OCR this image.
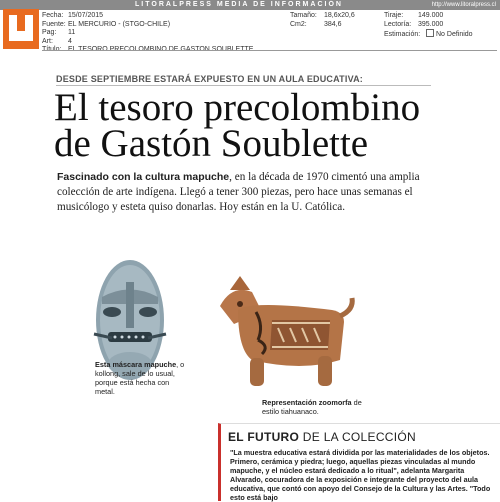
LITORALPRESS MEDIA DE INFORMACIÓN	http://www.litoralpress.cl
Fecha: 15/07/2015
Fuente: EL MERCURIO - (STGO-CHILE)
Pag: 11
Art: 4
Tamaño: 18,6x20,6
Cm2: 384,6
Tiraje: 149.000
Lectoría: 395.000
Estimación: No Definido
DESDE SEPTIEMBRE ESTARÁ EXPUESTO EN UN AULA EDUCATIVA:
El tesoro precolombino
de Gastón Soublette
Fascinado con la cultura mapuche, en la década de 1970 cimentó una amplia colección de arte indígena. Llegó a tener 300 piezas, pero hace unas semanas el musicólogo y esteta quiso donarlas. Hoy están en la U. Católica.
Esta máscara mapuche, o kollong, sale de lo usual, porque está hecha con metal.
Representación zoomorfa de estilo tiahuanaco.
EL FUTURO DE LA COLECCIÓN
"La muestra educativa estará dividida por las materialidades de los objetos. Primero, cerámica y piedra; luego, aquellas piezas vinculadas al mundo mapuche, y el núcleo estará dedicado a lo ritual", adelanta Margarita Alvarado, cocuradora de la exposición e integrante del proyecto del aula educativa, que contó con apoyo del Consejo de la Cultura y las Artes. "Todo esto está bajo
